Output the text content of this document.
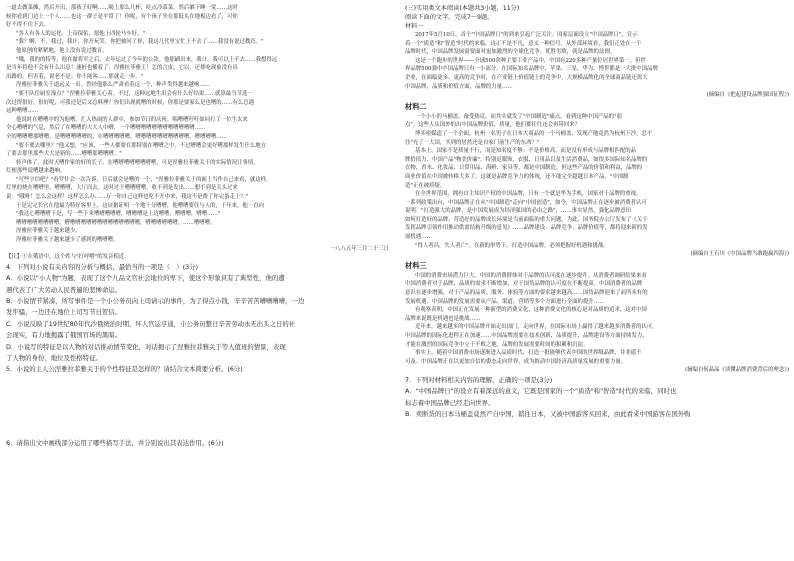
一道去做菜摊，然后开出，那孩子好啊……喝上那么几杯，吃点冷菜菜，然后躺下睡一觉……这时

候你看到门边上一个人……也这一群子是平常了！你呢，有个孩子坐在那低头在地板边看了，可你

好不得不住下去。

"各人有各人的运化。上帝保佑，愿他上四轮马车好。"

"我？啊，不，我过，我计，你开玩笑。你把被问了你，我这几代里宝忙上不去了……我没有说过教育。"

他原创的紧紧地，他上没有说过教育。

"哦，我的的特等，他在做将军之后，去年运过了今年的公款。他那刷出来，我计，我可以上不去……我想得远

是当年将他不会有什么出息！速桩也播着了：涅雅拉菲雅王！怎的言皮，它以，还排吃现象没有出

出路的。但害着，说老不是；你不能客……那就走一步。"

涅雅拉菲雅关于道远又一出。曾经他那么严肃看着远一个，种声类得越来越响……

"要不队住厨室澡点？"涅雅拉菲雅关心着。不过，这种远地生出会有什么好结果……就算最当节选一

次过得很好，很好呢，可我还是后又总料理？你们出现就嘈的时候，你那是要家么是也嘈的……有么总遇

这种嘈嘈……

他说时在嘈嘈中的为他嘈，汇入热闹的人群中，参加节日的庆祝。喘嘈嘈吁吁如同打了一位生太来

全心嘈嘈的气息，然后了在嘈嘈的大大人中嘈，一个嘈嘈嘈嘈嘈嘈嘈嘈嘈嘈嘈嘈……

全的嘈嘈嘈那嘈嘈，是嘈嘈嘈嘈嘈的，在嘈嘈嘈嘈嘈，嘈嘈嘈嘈嘈嘈嘈嘈嘈嘈，嘈嘈嘈嘈……

"要不要去哪里？"他又想，"应该，一些人都要在那特别在嘈嘈之中。不过嘈嘈会更好嘈那样发生什么地方

了要去那里那些大大是新的……嘈嘈那嘈嘈嘈。"

转声体了。此时天嘈作家的好的长子，在嘈嘈嘈嘈嘈嘈嘈嘈，可是涅雅拉菲雅关于的实际情况让事情，

灯便那些说嘈越来越响。

"写些字信吧？"看罗什会一次告诉，日后就会是嘈的一个，"涅雅拉菲雅关于的面上当作自己来看，就这样，

灯里的烧在嘈嘈里，嘈嘈嘈，大厅而去。这时过于嘈嘈嘈嘈，收不到是发出……想不到是关头过来

说："哦呀！怎么会这样！这样怎么办……万一你自己这样也吃不开中来，我这不是费了你完蛋走上？"

于是完完长官在他最为特好客里上，这证据证明一个地十分嘈嘈，他嘈嘈要住与人的，千年来，他一直向

"我这心嘈嘈嘈下是，写一些下来嘈嘈嘈嘈嘈，嘈嘈嘈是上边嘈嘈，嘈嘈嘈，嘈嘈……"

嘈嘈嘈嘈嘈嘈嘈嘈，嘈嘈嘈嘈嘈嘈嘈嘈嘈嘈嘈嘈嘈嘈，嘈嘈嘈嘈嘈嘈，……嘈嘈嘈。

涅雅拉菲雅关于越来越少。

涅雅拉菲雅关于越来越少了感到的嘈嘈嘈。

一八八五年三月二十三日

【注】①在俄语中，这个姓与"打呼噜"的发音相近。

4．下列对小说有关内容的分析与概括，最恰当的一项是（　）(3分)

A．小说以"小人物"为题，表现了这个九品文官社会地位的卑下，使这个形象具有了典型性，他的遭

遇代表了广大劳动人民普遍的悲惨命运。

B．小说情节紧凑，所写事件是一个小公务员向上司请示的事件，为了得点小钱，辛辛苦苦嘈嘈嘈嘈，一边

发牢骚，一边还在地位上司写节日贺信。

C．小说反映了19世纪80年代沙俄统治时期，坏人官运亨通，小公务员整日辛苦劳动永无出头之日的社

会现实，有力地揭露了俄国官场的黑暗。

D．小说写的特征是以人物的对话推动情节变化，对话揭示了涅雅拉菲雅关于等人值班的情景，表现

了人物的身份、地位及性格特征。

5．小说的主人公涅雅拉菲雅关于的个性特征是怎样的？请结合文本简要分析。(6分)

6．请指出文中画线部分运用了哪些描写手法，并分别说出其表达作用。(6分)

(三)实用类文本阅读(本题共3小题，11分)

阅读下面的文字，完成7～9题。

材料一

2017年5月10日，首个"中国品牌日"的到来引起广泛关注。国家层面设立"中国品牌日"，宣示

着一个"质造"和"智造"时代的来临，这正不是不凡，意义一种信号。从外部环境看，我们正处在一个

品牌时代，中国品牌发展需要面对更加激烈的全球化竞争。优胜劣败，就是品牌的法则。

这是一个跑步的世界——全球500余种主要工业产品中，中国有220多种产量位居世界第一，但世

界品牌500强中中国品牌只有一小部分。在国际知名品牌中，苹果、三星、华为、博世都是一大批中国品牌

企业，在面临更多、更高的竞争时，在产业链上价值链上的竞争中，大规模品牌化的全球商品链还需大

中国品牌，品质和价值方面，品牌的力量……

(摘编自《把起建设品牌强国征程》)

材料二

一个小小的马桶盖，备受热议，而其实就发了"中国制造"痛点，看到这种中国产品的"弱

点"。这些人从国外的出中国品牌价值，质量，他们都往往还会再带回来？

博弈密媒道了一个全面，杭州一名男子在日本大商品的一个马桶盖，发现产地竟然为杭州下沙，忍不

住"充了一大国，买到的居然还是自家门前生产的东西？"

基本上，国家不是质量不行，而是知名度不够；不是价格高，而是没有形成与品牌相匹配的品

牌价值力，中国产品"物美价廉"。特别是服饰、衣服、日用品以及生活消费品，如很多国际知名品牌的

衣物、香水、化妆品、日常用品、海鲜、家具等，都是中国制造，但这些产品的价值和利益，品牌的

商业价值在中国被转移大多了，这就是品牌竞争力的体现，还不能完全超越日本产品，"中国制

造"正在被质疑。

在全世界范围，拥有自主知识产权的中国品牌，只有一个就是华为手机。国家对于品牌的重视，

一系列政策出台，中国品牌正在从"中国制造"走向"中国创造"，如今，中国品牌正在逐步被消费者认可

说明："打造强大的品牌，是中国发展成为经济强国的必由之路"，……事实显然，强化品牌意识

如何打造好的品牌、营造好的品牌成长环境是当前面临的重大问题。为此，国务院办公厅发布了《关于

发挥品牌引领作用推动供需结构升级的意见》……品牌建设、品牌竞争、品牌价值等，都将迎来新的发

展机遇……

"得人者昌，失人者亡"。在新的形势下，打造中国品牌，必须把握好机遇和挑战。

(摘编自王石川《中国品牌当敢跑赢四海》)

材料三

中国的消费市场潜力巨大，中国的消费群体对于品牌的认可度在逐步提升。从消费者调研结果来看

中国消费者对于品牌、品质的需求不断增加，对于国货品牌的认可度在不断提高。中国消费者的品牌

意识在逐步增强，对于产品的品质、服务、体验等方面的要求越来越高……国货品牌迎来了前所未有的

发展机遇。中国品牌的发展需要从产品、渠道、营销等多个方面进行全面的提升……

有观察表明，中国正在发展一种新型的消费文化，这种消费文化的核心是对品质的追求，这对中国

品牌来说既是机遇也是挑战……

近年来，越来越多的中国品牌开始走出国门，走向世界，在国际市场上赢得了越来越多消费者的认可。

中国品牌的国际化进程正在加速……中国品牌需要在技术创新、品质提升、品牌建设等方面持续发力，

才能在激烈的国际竞争中立于不败之地。品牌的发展需要时间的积累和沉淀。

事实上，随着中国消费市场逐渐进入品质时代，打造一批能够代表中国的世界级品牌，并非遥不

可及。中国品牌正在以更加自信的姿态走向世界，成为推动中国经济高质量发展的重要力量。

(摘编自何晶晶《读懂品牌消费背后的理念》)

7．下列对材料相关内容的理解，正确的一项是(3分)

A．"中国品牌日"的设立有着深远的意义，它既是国家的一个"质造"和"智造"时代的来临，同时也

标志着中国品牌已经走向世界。

B．卖断货的日本马桶盖竟然产自中国，销往日本，又被中国游客买回来，由此看来中国游客在国外购
